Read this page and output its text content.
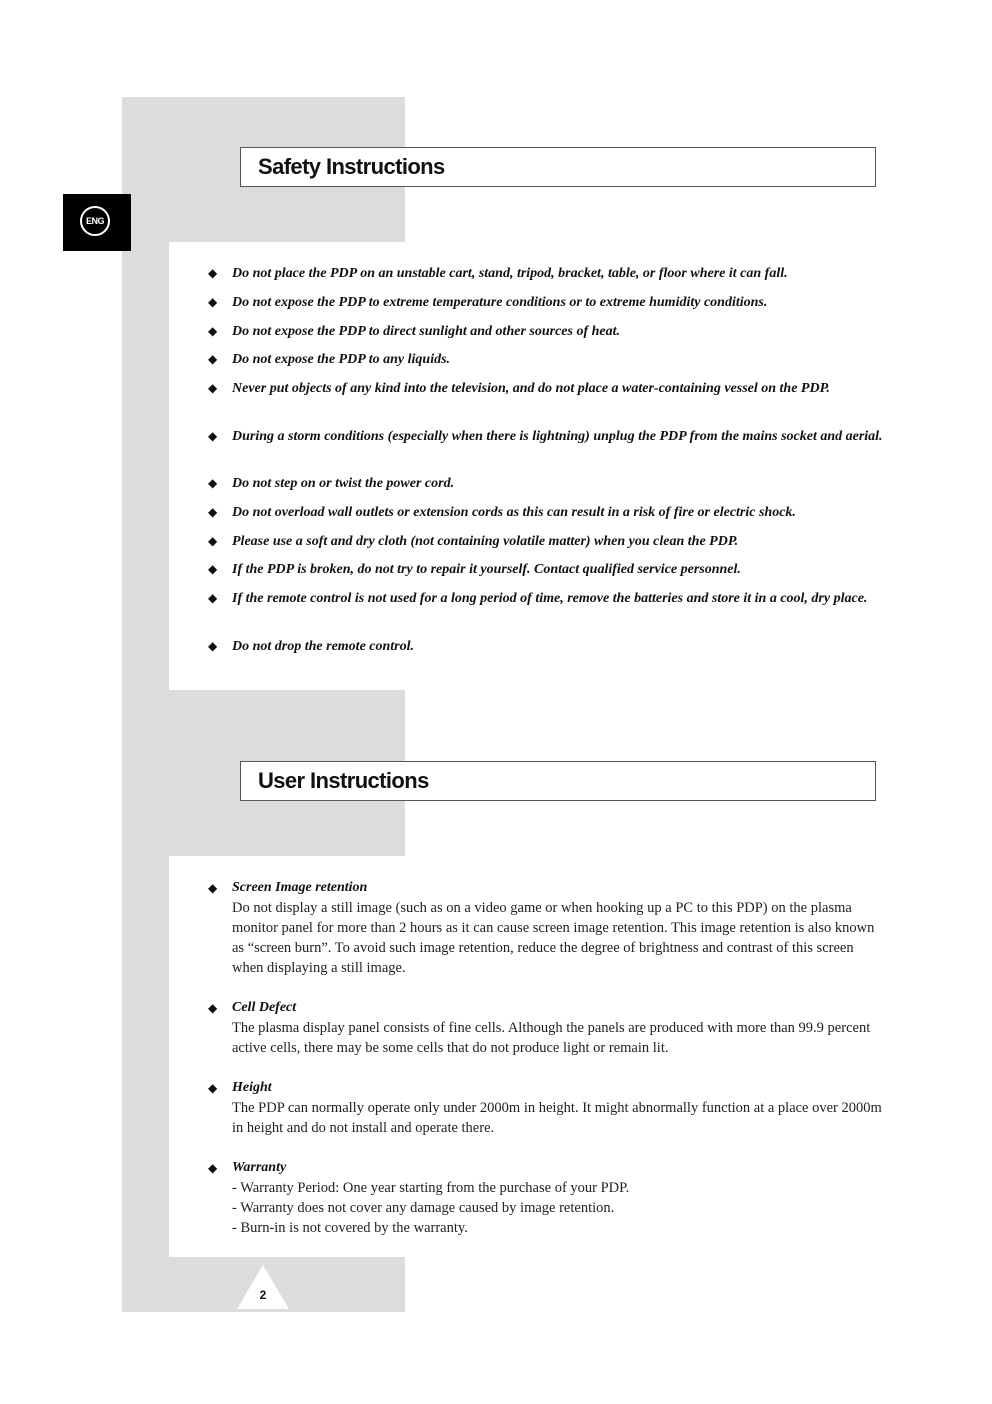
ENG
Safety Instructions
◆	Do not place the PDP on an unstable cart, stand, tripod, bracket, table, or floor where it can fall.
◆	Do not expose the PDP to extreme temperature conditions or to extreme humidity conditions.
◆	Do not expose the PDP to direct sunlight and other sources of heat.
◆	Do not expose the PDP to any liquids.
◆	Never put objects of any kind into the television, and do not place a water-containing vessel on the PDP.
◆	During a storm conditions (especially when there is lightning) unplug the PDP from the mains socket and aerial.
◆	Do not step on or twist the power cord.
◆	Do not overload wall outlets or extension cords as this can result in a risk of fire or electric shock.
◆	Please use a soft and dry cloth (not containing volatile matter) when you clean the PDP.
◆	If the PDP is broken, do not try to repair it yourself. Contact qualified service personnel.
◆	If the remote control is not used for a long period of time, remove the batteries and store it in a cool, dry place.
◆	Do not drop the remote control.
User Instructions
◆	Screen Image retention
Do not display a still image (such as on a video game or when hooking up a PC to this PDP) on the plasma monitor panel for more than 2 hours as it can cause screen image retention. This image retention is also known as “screen burn”. To avoid such image retention, reduce the degree of brightness and contrast of this screen when displaying a still image.
◆	Cell Defect
The plasma display panel consists of fine cells. Although the panels are produced with more than 99.9 percent active cells, there may be some cells that do not produce light or remain lit.
◆	Height
The PDP can normally operate only under 2000m in height. It might abnormally function at a place over 2000m in height and do not install and operate there.
◆	Warranty
- Warranty Period: One year starting from the purchase of your PDP.
- Warranty does not cover any damage caused by image retention.
- Burn-in is not covered by the warranty.
2
